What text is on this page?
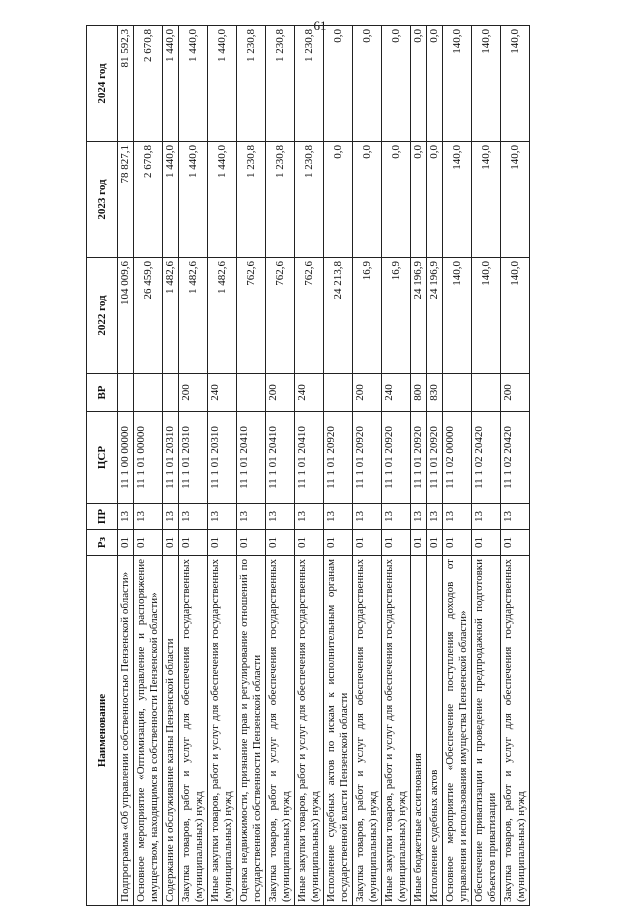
61
Наименование	Рз	ПР	ЦСР	ВР	2022 год	2023 год	2024 год
Подпрограмма «Об управлении собственностью Пензенской области»	01	13	11 1 00 00000		104 009,6	78 827,1	81 592,3
Основное мероприятие «Оптимизация, управление и распоряжение имуществом, находящимся в собственности Пензенской области»	01	13	11 1 01 00000		26 459,0	2 670,8	2 670,8
Содержание и обслуживание казны Пензенской области	01	13	11 1 01 20310		1 482,6	1 440,0	1 440,0
Закупка товаров, работ и услуг для обеспечения государственных (муниципальных) нужд	01	13	11 1 01 20310	200	1 482,6	1 440,0	1 440,0
Иные закупки товаров, работ и услуг для обеспечения государственных (муниципальных) нужд	01	13	11 1 01 20310	240	1 482,6	1 440,0	1 440,0
Оценка недвижимости, признание прав и регулирование отношений по государственной собственности Пензенской области	01	13	11 1 01 20410		762,6	1 230,8	1 230,8
Закупка товаров, работ и услуг для обеспечения государственных (муниципальных) нужд	01	13	11 1 01 20410	200	762,6	1 230,8	1 230,8
Иные закупки товаров, работ и услуг для обеспечения государственных (муниципальных) нужд	01	13	11 1 01 20410	240	762,6	1 230,8	1 230,8
Исполнение судебных актов по искам к исполнительным органам государственной власти Пензенской области	01	13	11 1 01 20920		24 213,8	0,0	0,0
Закупка товаров, работ и услуг для обеспечения государственных (муниципальных) нужд	01	13	11 1 01 20920	200	16,9	0,0	0,0
Иные закупки товаров, работ и услуг для обеспечения государственных (муниципальных) нужд	01	13	11 1 01 20920	240	16,9	0,0	0,0
Иные бюджетные ассигнования	01	13	11 1 01 20920	800	24 196,9	0,0	0,0
Исполнение судебных актов	01	13	11 1 01 20920	830	24 196,9	0,0	0,0
Основное мероприятие «Обеспечение поступления доходов от управления и использования имущества Пензенской области»	01	13	11 1 02 00000		140,0	140,0	140,0
Обеспечение приватизации и проведение предпродажной подготовки объектов приватизации	01	13	11 1 02 20420		140,0	140,0	140,0
Закупка товаров, работ и услуг для обеспечения государственных (муниципальных) нужд	01	13	11 1 02 20420	200	140,0	140,0	140,0
